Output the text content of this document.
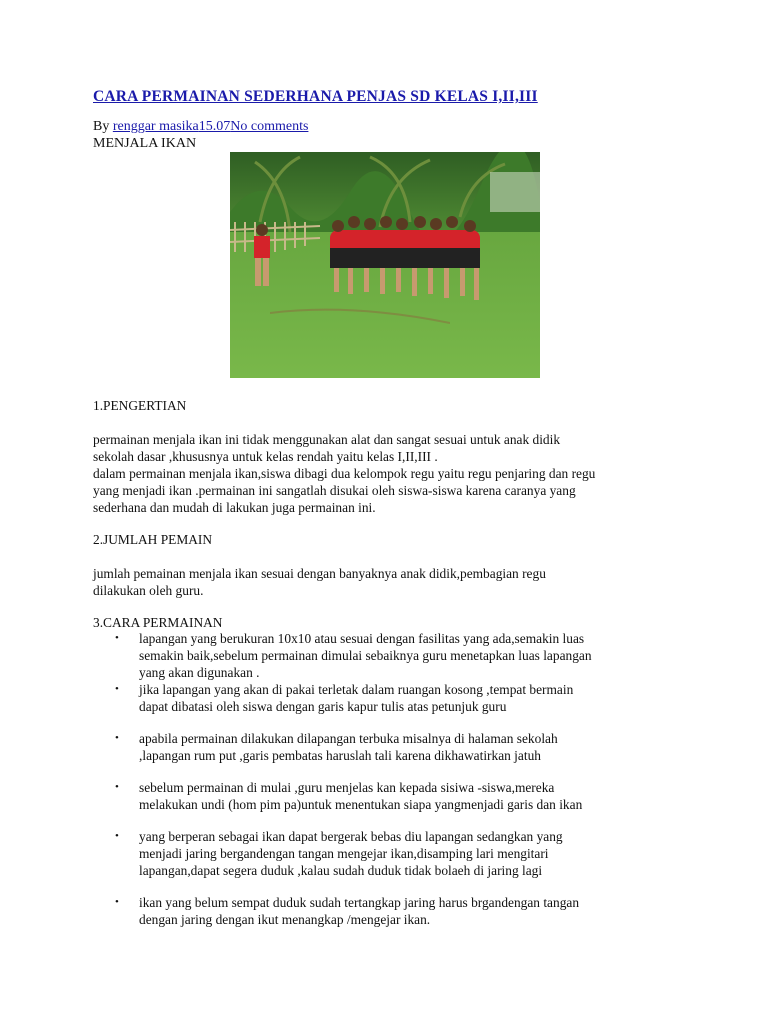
CARA PERMAINAN SEDERHANA PENJAS SD KELAS I,II,III
By renggar masika15.07No comments
MENJALA IKAN
1.PENGERTIAN

permainan menjala ikan ini tidak menggunakan alat dan sangat sesuai untuk anak didik

sekolah dasar ,khususnya untuk kelas rendah yaitu kelas I,II,III .

dalam permainan menjala ikan,siswa dibagi dua kelompok regu yaitu regu penjaring dan regu

yang menjadi ikan .permainan ini sangatlah disukai oleh siswa-siswa karena caranya yang

sederhana dan mudah di lakukan juga permainan ini.

2.JUMLAH PEMAIN

jumlah pemainan menjala ikan sesuai dengan banyaknya anak didik,pembagian regu

dilakukan oleh guru.

3.CARA PERMAINAN
• lapangan yang berukuran 10x10 atau sesuai dengan fasilitas yang ada,semakin luas
semakin baik,sebelum permainan dimulai sebaiknya guru menetapkan luas lapangan
yang akan digunakan .
• jika lapangan yang akan di pakai terletak dalam ruangan kosong ,tempat bermain
dapat dibatasi oleh siswa dengan garis kapur tulis atas petunjuk guru
• apabila permainan dilakukan dilapangan terbuka misalnya di halaman sekolah
,lapangan rum put ,garis pembatas haruslah tali karena dikhawatirkan jatuh
• sebelum permainan di mulai ,guru menjelas kan kepada sisiwa -siswa,mereka
melakukan undi (hom pim pa)untuk menentukan siapa yangmenjadi garis dan ikan
• yang berperan sebagai ikan dapat bergerak bebas diu lapangan sedangkan yang
menjadi jaring bergandengan tangan mengejar ikan,disamping lari mengitari
lapangan,dapat segera duduk ,kalau sudah duduk tidak bolaeh di jaring lagi
• ikan yang belum sempat duduk sudah tertangkap jaring harus brgandengan tangan
dengan jaring dengan ikut menangkap /mengejar ikan.
